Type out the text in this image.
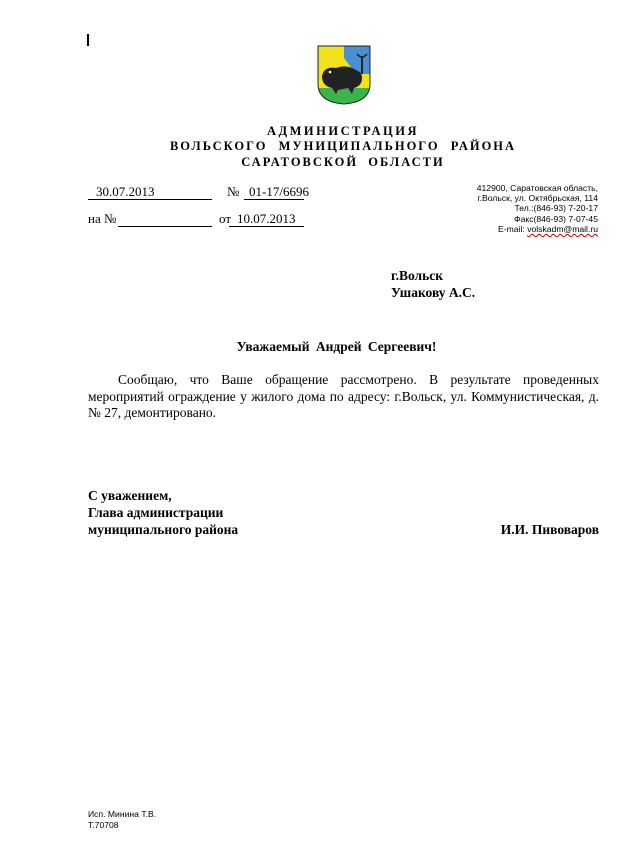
АДМИНИСТРАЦИЯ
ВОЛЬСКОГО МУНИЦИПАЛЬНОГО РАЙОНА
САРАТОВСКОЙ ОБЛАСТИ
30.07.2013	№ 01-17/6696
на №	от 10.07.2013
412900, Саратовская область,
г.Вольск, ул. Октябрьская, 114
Тел.:(846-93) 7-20-17
Факс(846-93) 7-07-45
E-mail: volskadm@mail.ru
г.Вольск
Ушакову А.С.
Уважаемый Андрей Сергеевич!
Сообщаю, что Ваше обращение рассмотрено. В результате проведенных мероприятий ограждение у жилого дома по адресу: г.Вольск, ул. Коммунистическая, д.№ 27, демонтировано.
С уважением,
Глава администрации
муниципального района	И.И. Пивоваров
Исп. Минина Т.В.
Т.70708
